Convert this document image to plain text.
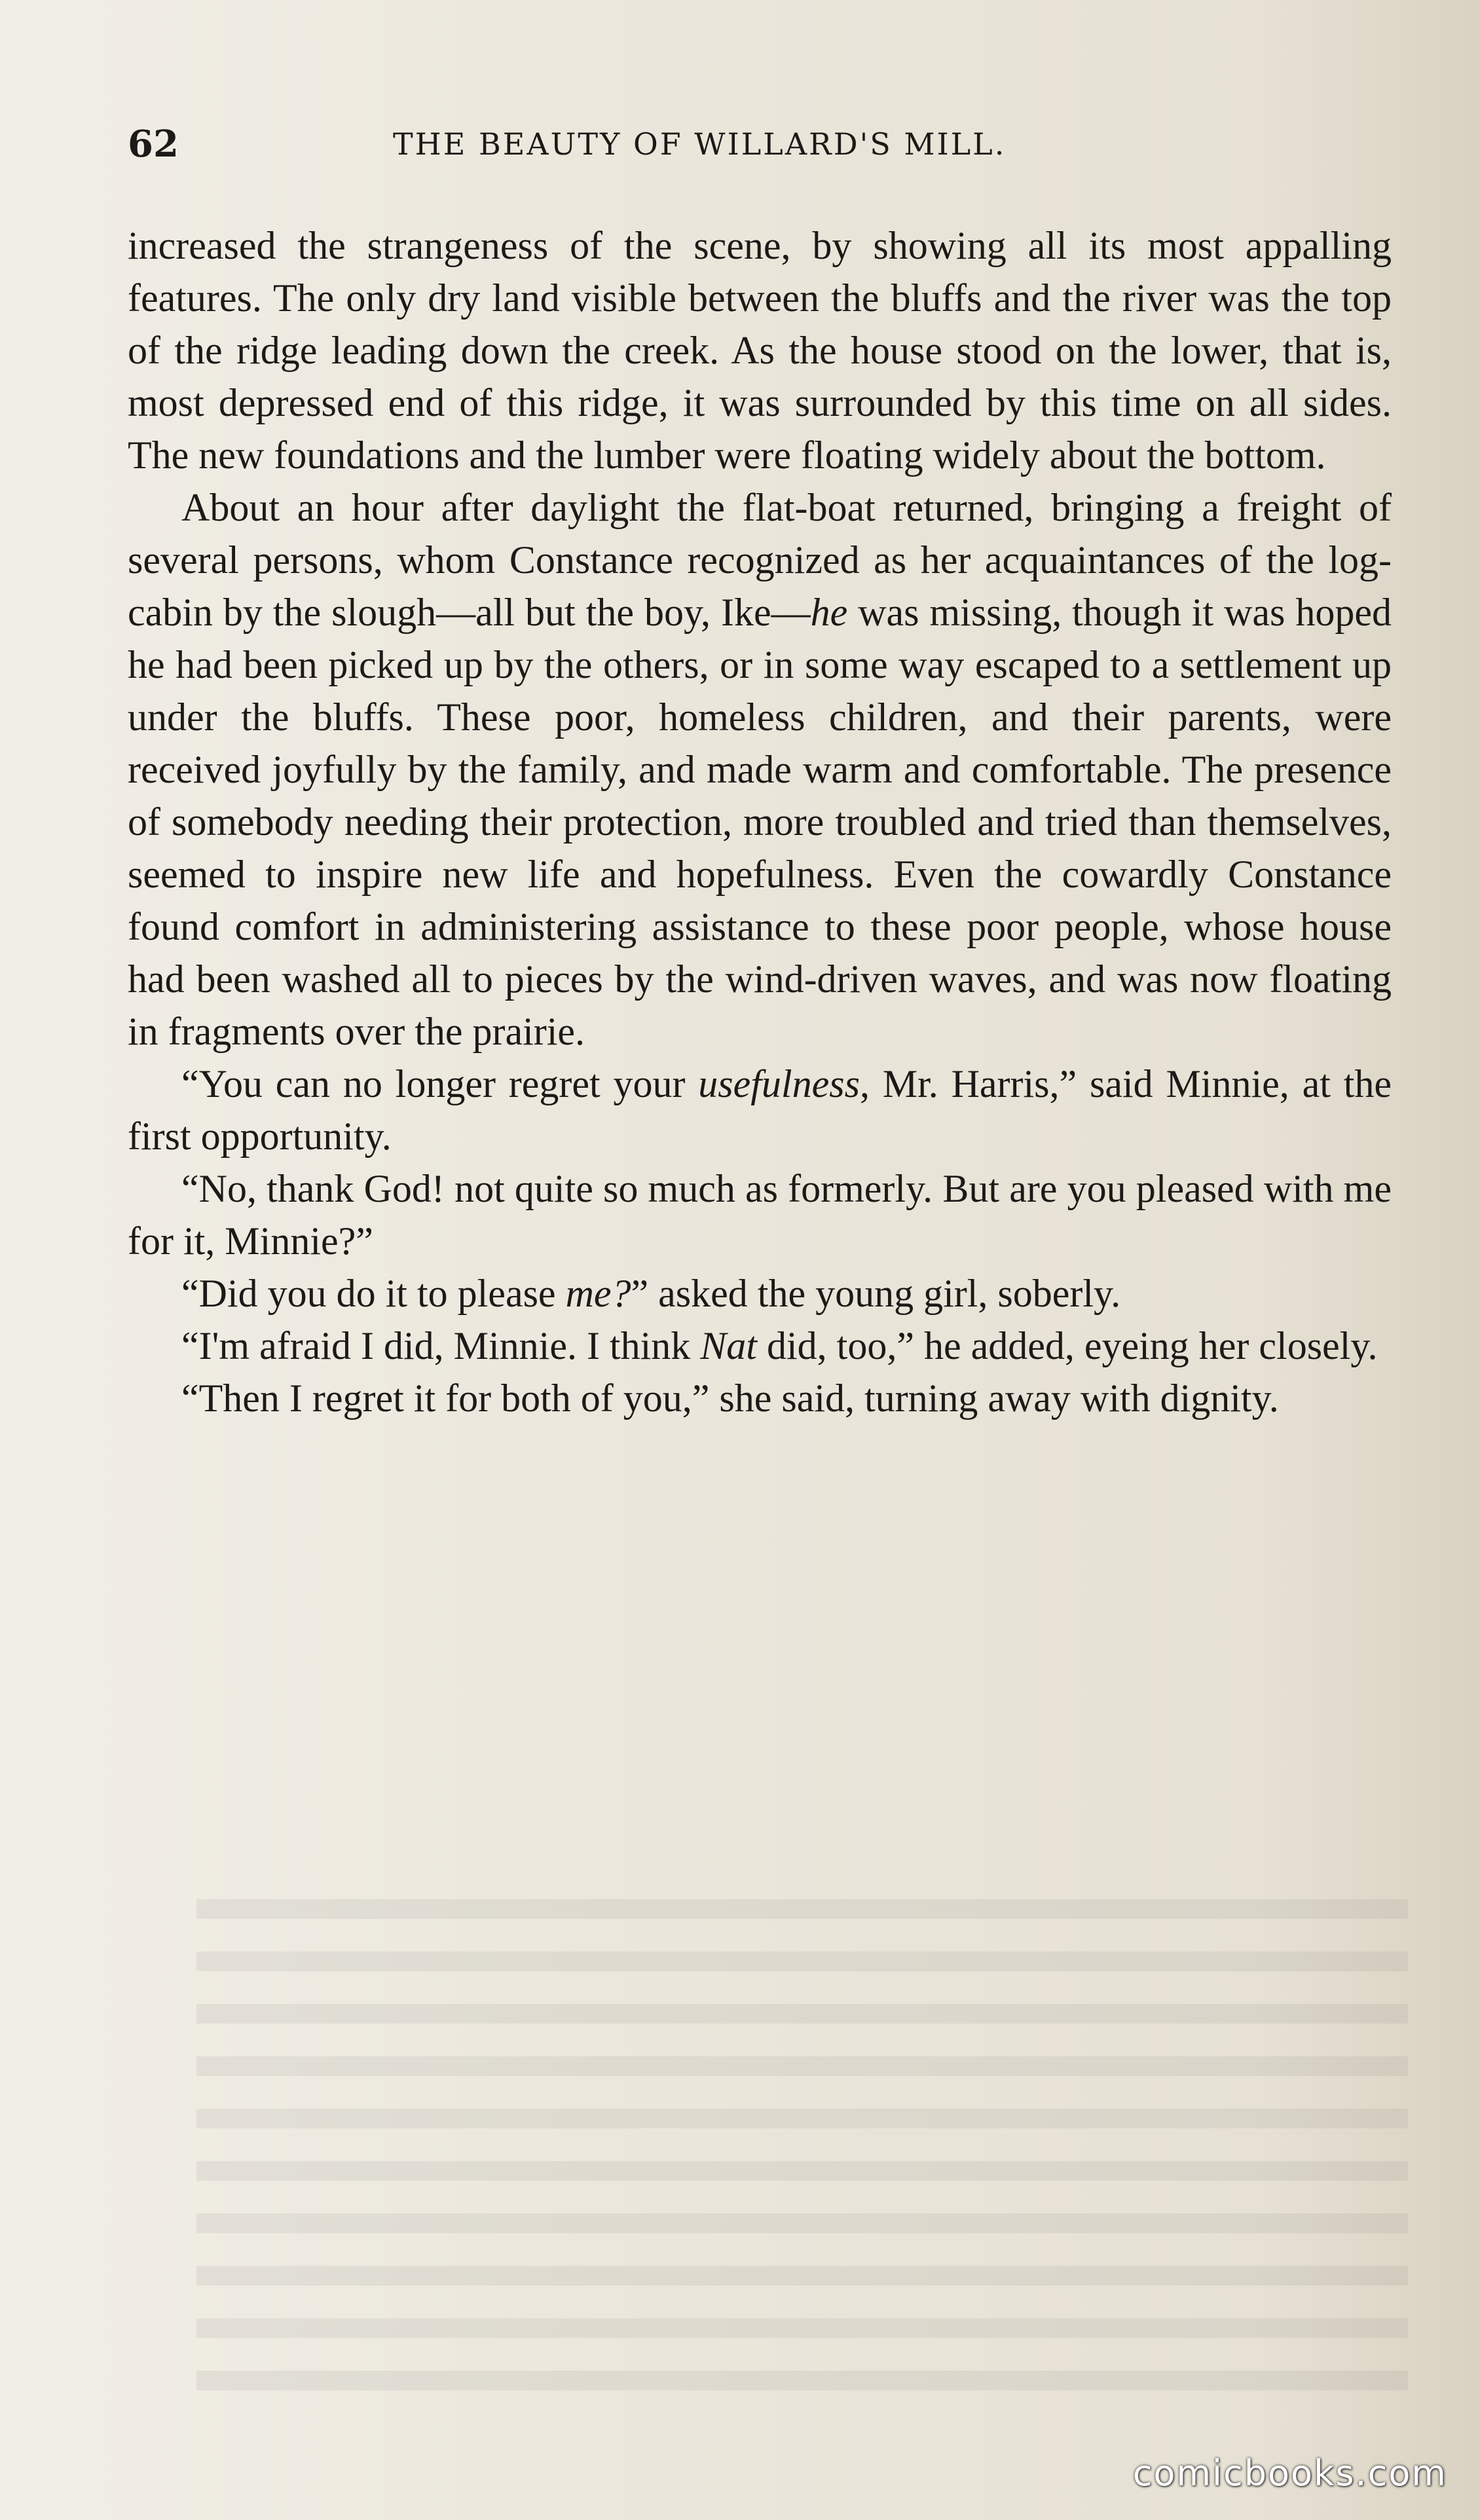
62	THE BEAUTY OF WILLARD'S MILL.

increased the strangeness of the scene, by showing all its most appalling features. The only dry land visible between the bluffs and the river was the top of the ridge leading down the creek. As the house stood on the lower, that is, most depressed end of this ridge, it was surrounded by this time on all sides. The new foundations and the lumber were floating widely about the bottom.

About an hour after daylight the flat-boat returned, bringing a freight of several persons, whom Constance recognized as her acquaintances of the log-cabin by the slough—all but the boy, Ike—he was missing, though it was hoped he had been picked up by the others, or in some way escaped to a settlement up under the bluffs. These poor, homeless children, and their parents, were received joyfully by the family, and made warm and comfortable. The presence of somebody needing their protection, more troubled and tried than themselves, seemed to inspire new life and hopefulness. Even the cowardly Constance found comfort in administering assistance to these poor people, whose house had been washed all to pieces by the wind-driven waves, and was now floating in fragments over the prairie.

“You can no longer regret your usefulness, Mr. Harris,” said Minnie, at the first opportunity.

“No, thank God! not quite so much as formerly. But are you pleased with me for it, Minnie?”

“Did you do it to please me?” asked the young girl, soberly.

“I'm afraid I did, Minnie. I think Nat did, too,” he added, eyeing her closely.

“Then I regret it for both of you,” she said, turning away with dignity.

comicbooks.com
